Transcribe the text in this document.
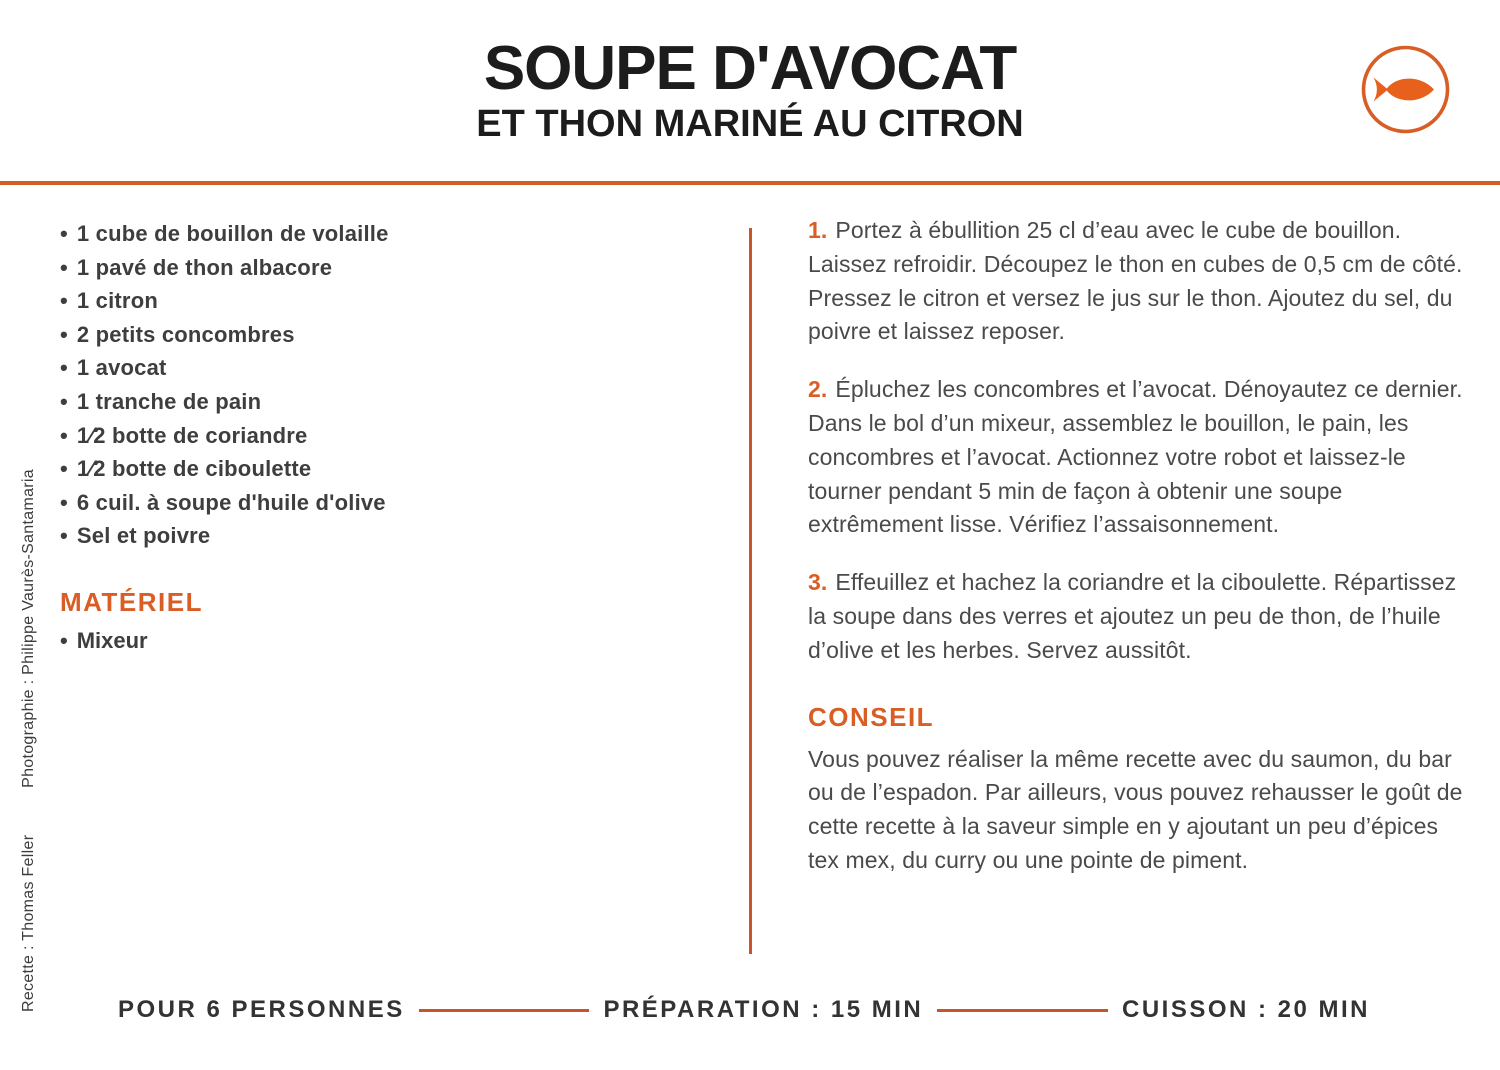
SOUPE D'AVOCAT
ET THON MARINÉ AU CITRON
Recette : Thomas Feller Photographie : Philippe Vaurès-Santamaria
• 1 cube de bouillon de volaille
• 1 pavé de thon albacore
• 1 citron
• 2 petits concombres
• 1 avocat
• 1 tranche de pain
• 1⁄2 botte de coriandre
• 1⁄2 botte de ciboulette
• 6 cuil. à soupe d'huile d'olive
• Sel et poivre
MATÉRIEL
• Mixeur

1. Portez à ébullition 25 cl d’eau avec le cube de bouillon. Laissez refroidir. Découpez le thon en cubes de 0,5 cm de côté. Pressez le citron et versez le jus sur le thon. Ajoutez du sel, du poivre et laissez reposer.

2. Épluchez les concombres et l’avocat. Dénoyautez ce dernier. Dans le bol d’un mixeur, assemblez le bouillon, le pain, les concombres et l’avocat. Actionnez votre robot et laissez-le tourner pendant 5 min de façon à obtenir une soupe extrêmement lisse. Vérifiez l’assaisonnement.

3. Effeuillez et hachez la coriandre et la ciboulette. Répartissez la soupe dans des verres et ajoutez un peu de thon, de l’huile d’olive et les herbes. Servez aussitôt.

CONSEIL

Vous pouvez réaliser la même recette avec du saumon, du bar ou de l’espadon. Par ailleurs, vous pouvez rehausser le goût de cette recette à la saveur simple en y ajoutant un peu d’épices tex mex, du curry ou une pointe de piment.

POUR 6 PERSONNES	PRÉPARATION : 15 MIN	CUISSON : 20 MIN
